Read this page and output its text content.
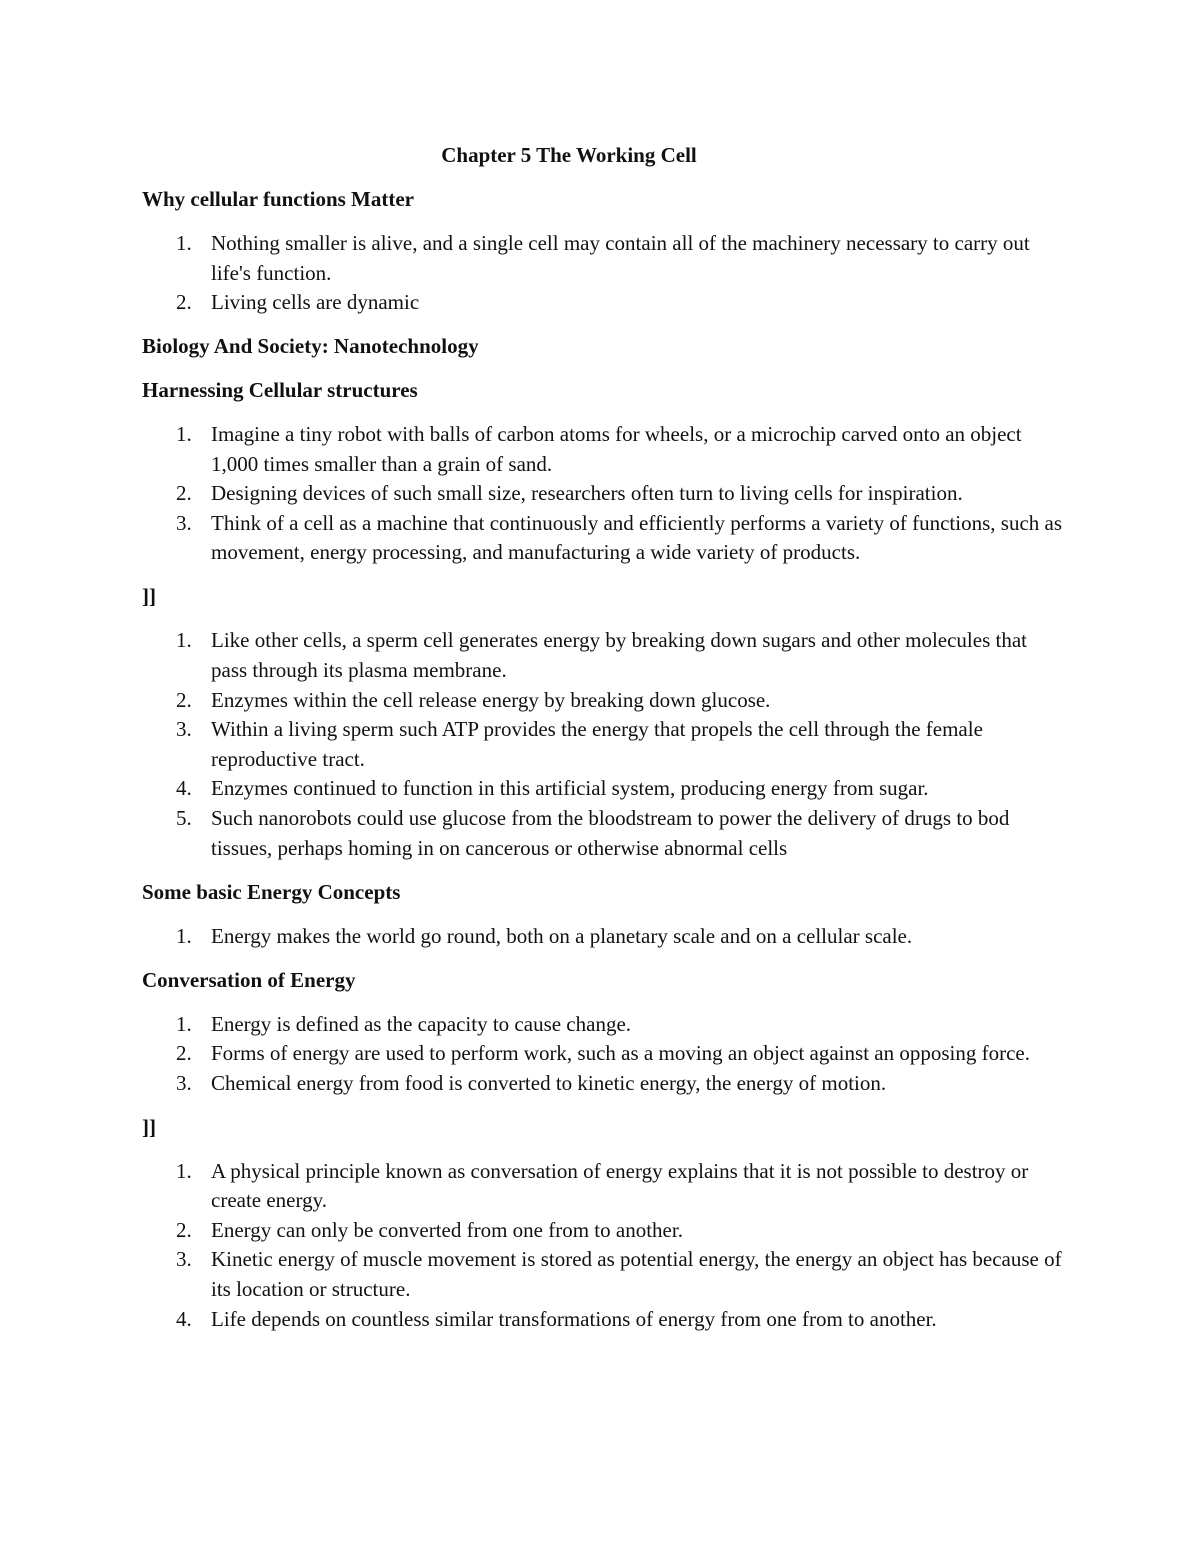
Chapter 5 The Working Cell
Why cellular functions Matter
1. Nothing smaller is alive, and a single cell may contain all of the machinery necessary to carry out life's function.
2. Living cells are dynamic
Biology And Society: Nanotechnology
Harnessing Cellular structures
1. Imagine a tiny robot with balls of carbon atoms for wheels, or a microchip carved onto an object 1,000 times smaller than a grain of sand.
2. Designing devices of such small size, researchers often turn to living cells for inspiration.
3. Think of a cell as a machine that continuously and efficiently performs a variety of functions, such as movement, energy processing, and manufacturing a wide variety of products.
]]
1. Like other cells, a sperm cell generates energy by breaking down sugars and other molecules that pass through its plasma membrane.
2. Enzymes within the cell release energy by breaking down glucose.
3. Within a living sperm such ATP provides the energy that propels the cell through the female reproductive tract.
4. Enzymes continued to function in this artificial system, producing energy from sugar.
5. Such nanorobots could use glucose from the bloodstream to power the delivery of drugs to bod tissues, perhaps homing in on cancerous or otherwise abnormal cells
Some basic Energy Concepts
1. Energy makes the world go round, both on a planetary scale and on a cellular scale.
Conversation of Energy
1. Energy is defined as the capacity to cause change.
2. Forms of energy are used to perform work, such as a moving an object against an opposing force.
3. Chemical energy from food is converted to kinetic energy, the energy of motion.
]]
1. A physical principle known as conversation of energy explains that it is not possible to destroy or create energy.
2. Energy can only be converted from one from to another.
3. Kinetic energy of muscle movement is stored as potential energy, the energy an object has because of its location or structure.
4. Life depends on countless similar transformations of energy from one from to another.
